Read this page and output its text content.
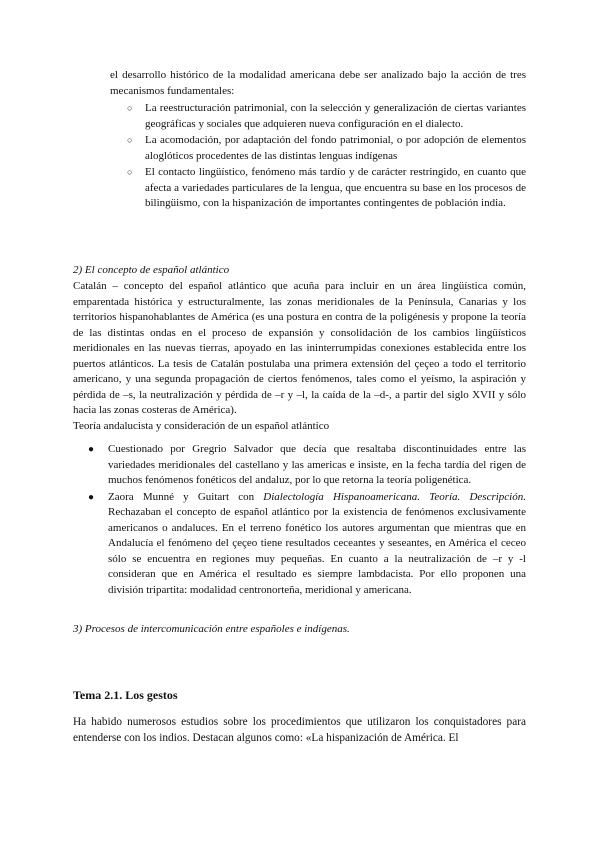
el desarrollo histórico de la modalidad americana debe ser analizado bajo la acción de tres mecanismos fundamentales:
○ La reestructuración patrimonial, con la selección y generalización de ciertas variantes geográficas y sociales que adquieren nueva configuración en el dialecto.
○ La acomodación, por adaptación del fondo patrimonial, o por adopción de elementos aloglóticos procedentes de las distintas lenguas indígenas
○ El contacto lingüístico, fenómeno más tardío y de carácter restringido, en cuanto que afecta a variedades particulares de la lengua, que encuentra su base en los procesos de bilingüismo, con la hispanización de importantes contingentes de población india.
2) El concepto de español atlántico
Catalán – concepto del español atlántico que acuña para incluir en un área lingüística común, emparentada histórica y estructuralmente, las zonas meridionales de la Península, Canarias y los territorios hispanohablantes de América (es una postura en contra de la poligénesis y propone la teoría de las distintas ondas en el proceso de expansión y consolidación de los cambios lingüísticos meridionales en las nuevas tierras, apoyado en las ininterrumpidas conexiones establecida entre los puertos atlánticos. La tesis de Catalán postulaba una primera extensión del çeçeo a todo el territorio americano, y una segunda propagación de ciertos fenómenos, tales como el yeísmo, la aspiración y pérdida de –s, la neutralización y pérdida de –r y –l, la caída de la –d-, a partir del siglo XVII y sólo hacia las zonas costeras de América).
Teoría andalucista y consideración de un español atlántico
● Cuestionado por Gregrio Salvador que decía que resaltaba discontinuidades entre las variedades meridionales del castellano y las americas e insiste, en la fecha tardía del rigen de muchos fenómenos fonéticos del andaluz, por lo que retorna la teoría poligenética.
● Zaora Munné y Guitart con Dialectología Hispanoamericana. Teoría. Descripción. Rechazaban el concepto de español atlántico por la existencia de fenómenos exclusivamente americanos o andaluces. En el terreno fonético los autores argumentan que mientras que en Andalucía el fenómeno del çeçeo tiene resultados ceceantes y seseantes, en América el ceceo sólo se encuentra en regiones muy pequeñas. En cuanto a la neutralización de –r y -l consideran que en América el resultado es siempre lambdacista. Por ello proponen una división tripartita: modalidad centronorteña, meridional y americana.
3) Procesos de intercomunicación entre españoles e indígenas.
Tema 2.1. Los gestos
Ha habido numerosos estudios sobre los procedimientos que utilizaron los conquistadores para entenderse con los indios. Destacan algunos como: «La hispanización de América. El
